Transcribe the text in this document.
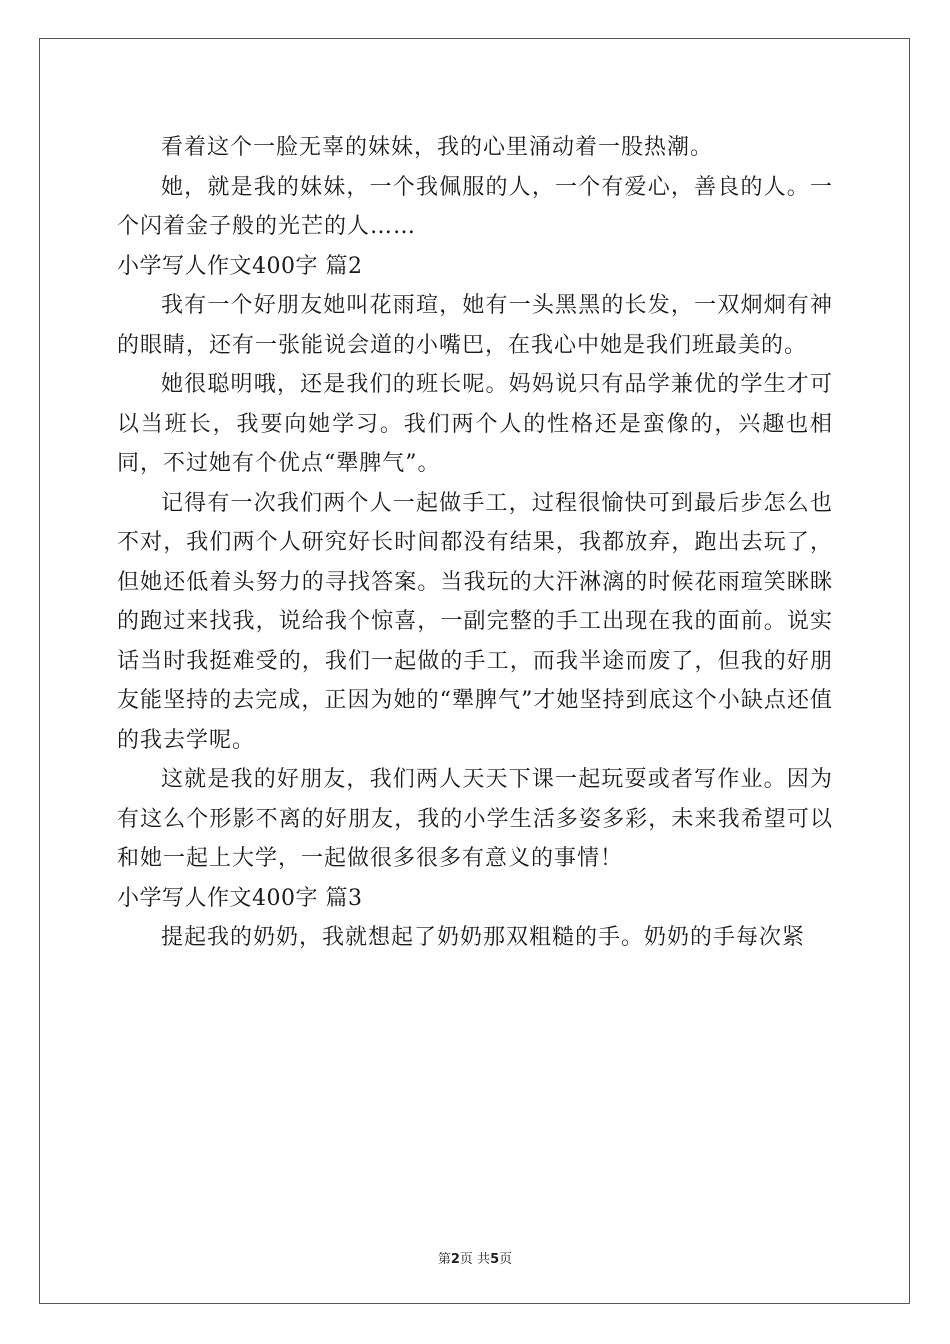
看着这个一脸无辜的妹妹，我的心里涌动着一股热潮。

她，就是我的妹妹，一个我佩服的人，一个有爱心，善良的人。一个闪着金子般的光芒的人……

小学写人作文400字 篇2

我有一个好朋友她叫花雨瑄，她有一头黑黑的长发，一双炯炯有神的眼睛，还有一张能说会道的小嘴巴，在我心中她是我们班最美的。

她很聪明哦，还是我们的班长呢。妈妈说只有品学兼优的学生才可以当班长，我要向她学习。我们两个人的性格还是蛮像的，兴趣也相同，不过她有个优点“犟脾气”。

记得有一次我们两个人一起做手工，过程很愉快可到最后步怎么也不对，我们两个人研究好长时间都没有结果，我都放弃，跑出去玩了，但她还低着头努力的寻找答案。当我玩的大汗淋漓的时候花雨瑄笑眯眯的跑过来找我，说给我个惊喜，一副完整的手工出现在我的面前。说实话当时我挺难受的，我们一起做的手工，而我半途而废了，但我的好朋友能坚持的去完成，正因为她的“犟脾气”才她坚持到底这个小缺点还值的我去学呢。

这就是我的好朋友，我们两人天天下课一起玩耍或者写作业。因为有这么个形影不离的好朋友，我的小学生活多姿多彩，未来我希望可以和她一起上大学，一起做很多很多有意义的事情！

小学写人作文400字 篇3

提起我的奶奶，我就想起了奶奶那双粗糙的手。奶奶的手每次紧

第2页 共5页
